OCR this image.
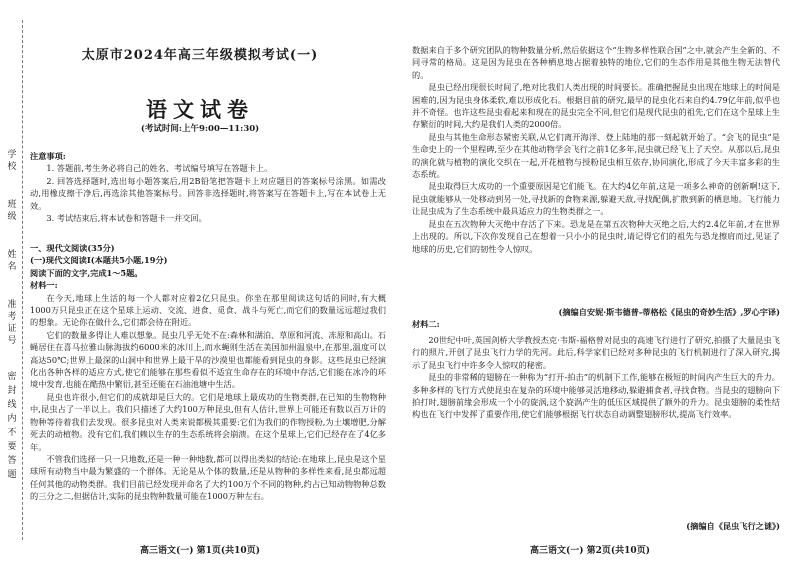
学
校
班
级
姓
名
准
考
证
号
密
封
线
内
不
要
答
题
太原市2024年高三年级模拟考试(一)
语文试卷
(考试时间:上午9:00—11:30)

注意事项:

1. 答题前,考生务必将自己的姓名、考试编号填写在答题卡上。

2. 回答选择题时,选出每小题答案后,用2B铅笔把答题卡上对应题目的答案标号涂黑。如需改动,用橡皮擦干净后,再选涂其他答案标号。回答非选择题时,将答案写在答题卡上,写在本试卷上无效。

3. 考试结束后,将本试卷和答题卡一并交回。

一、现代文阅读(35分)

(一)现代文阅读Ⅰ(本题共5小题,19分)

阅读下面的文字,完成1～5题。

材料一:

在今天,地球上生活的每一个人都对应着2亿只昆虫。你坐在那里阅读这句话的同时,有大概1000万只昆虫正在这个星球上运动、交流、进食、觅食、战斗与死亡,而它们的数量远远超过我们的想象。无论你在做什么,它们都会待在附近。

它们的数量多得让人难以想象。昆虫几乎无处不在:森林和湖泊、草原和河流、冻原和高山。石蝇居住在喜马拉雅山脉海拔约6000米的冰川上,而水蝇则生活在美国加州温泉中,在那里,温度可以高达50℃;世界上最深的山洞中和世界上最干旱的沙漠里也都能看到昆虫的身影。这些昆虫已经演化出各种各样的适应方式,使它们能够在那些看似不适宜生命存在的环境中存活,它们能在冰冷的环境中发育,也能在酷热中繁衍,甚至还能在石油池塘中生活。

昆虫也许很小,但它们的成就却是巨大的。它们是地球上最成功的生物类群,在已知的生物物种中,昆虫占了一半以上。我们只描述了大约100万种昆虫,但有人估计,世界上可能还有数以百万计的物种等待着我们去发现。很多昆虫对人类来说都极其重要:它们为我们的作物授粉,为土壤增肥,分解死去的动植物。没有它们,我们赖以生存的生态系统将会崩溃。在这个星球上,它们已经存在了4亿多年。

不管我们选择一只一只地数,还是一种一种地数,都可以得出类似的结论:在地球上,昆虫是这个星球所有动物当中最为繁盛的一个群体。无论是从个体的数量,还是从物种的多样性来看,昆虫都远超任何其他的动物类群。我们目前已经发现并命名了大约100万个不同的物种,约占已知动物物种总数的三分之二,但据估计,实际的昆虫物种数量可能在1000万种左右。

高三语文(一) 第1页(共10页)

数据来自于多个研究团队的物种数量分析,然后依据这个“生物多样性联合国”之中,就会产生全新的、不同寻常的格局。这是因为昆虫在各种栖息地占据着独特的地位,它们的生态作用是其他生物无法替代的。

昆虫已经出现很长时间了,绝对比我们人类出现的时间要长。准确把握昆虫出现在地球上的时间是困难的,因为昆虫身体柔软,难以形成化石。根据目前的研究,最早的昆虫化石来自约4.79亿年前,似乎也并不奇怪。也许这些昆虫看起来和现在的昆虫完全不同,但它们是现代昆虫的祖先,它们在这个星球上生存繁衍的时间,大约是我们人类的2000倍。

昆虫与其他生命形态紧密关联,从它们离开海洋、登上陆地的那一刻起就开始了。“会飞的昆虫”是生命史上的一个里程碑,至少在其他动物学会飞行之前1亿多年,昆虫就已经飞上了天空。从那以后,昆虫的演化就与植物的演化交织在一起,开花植物与授粉昆虫相互依存,协同演化,形成了今天丰富多彩的生态系统。

昆虫取得巨大成功的一个重要原因是它们能飞。在大约4亿年前,这是一项多么神奇的创新啊!这下,昆虫就能够从一处移动到另一处,寻找新的食物来源,躲避天敌,寻找配偶,扩散到新的栖息地。飞行能力让昆虫成为了生态系统中最具适应力的生物类群之一。

昆虫在五次物种大灭绝中存活了下来。恐龙是在第五次物种大灭绝之后,大约2.4亿年前,才在世界上出现的。所以,下次你发现自己在想着一只小小的昆虫时,请记得它们的祖先与恐龙擦肩而过,见证了地球的历史,它们的韧性令人惊叹。

(摘编自安妮·斯韦德普-蒂格松《昆虫的奇妙生活》,罗心宇译)

材料二:

20世纪中叶,英国剑桥大学教授杰克·韦斯-福格曾对昆虫的高速飞行进行了研究,拍摄了大量昆虫飞行的照片,开创了昆虫飞行力学的先河。此后,科学家们已经对多种昆虫的飞行机制进行了深入研究,揭示了昆虫飞行中许多令人惊叹的秘密。

昆虫的非常稀的翅膀在一种称为“打开-拍击”的机制下工作,能够在极短的时间内产生巨大的升力。多种多样的飞行方式使昆虫在复杂的环境中能够灵活地移动,躲避捕食者,寻找食物。当昆虫的翅膀向下拍打时,翅膀前缘会形成一个小的旋涡,这个旋涡产生的低压区域提供了额外的升力。昆虫翅膀的柔性结构也在飞行中发挥了重要作用,使它们能够根据飞行状态自动调整翅膀形状,提高飞行效率。

(摘编自《昆虫飞行之谜》)

高三语文(一) 第2页(共10页)
